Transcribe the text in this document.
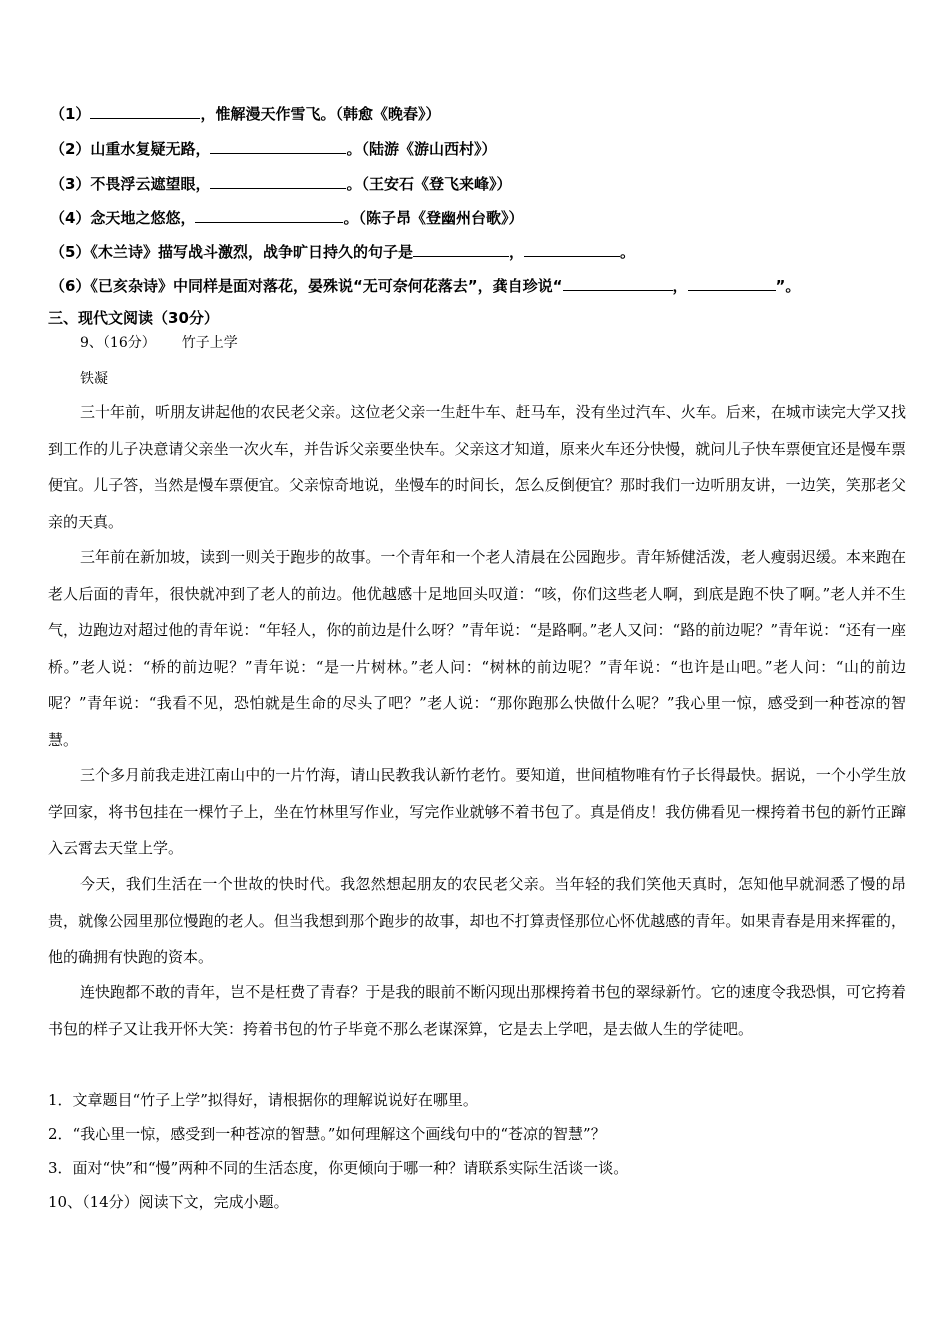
（1）	，惟解漫天作雪飞。（韩愈《晚春》）
（2）山重水复疑无路，	。（陆游《游山西村》）
（3）不畏浮云遮望眼，	。（王安石《登飞来峰》）
（4）念天地之悠悠，	。（陈子昂《登幽州台歌》）
（5）《木兰诗》描写战斗激烈，战争旷日持久的句子是	，	。
（6）《已亥杂诗》中同样是面对落花，晏殊说“无可奈何花落去”，龚自珍说“	，	”。
三、现代文阅读（30分）
9、（16分） 竹子上学
铁凝

三十年前，听朋友讲起他的农民老父亲。这位老父亲一生赶牛车、赶马车，没有坐过汽车、火车。后来，在城市读完大学又找到工作的儿子决意请父亲坐一次火车，并告诉父亲要坐快车。父亲这才知道，原来火车还分快慢，就问儿子快车票便宜还是慢车票便宜。儿子答，当然是慢车票便宜。父亲惊奇地说，坐慢车的时间长，怎么反倒便宜？那时我们一边听朋友讲，一边笑，笑那老父亲的天真。

三年前在新加坡，读到一则关于跑步的故事。一个青年和一个老人清晨在公园跑步。青年矫健活泼，老人瘦弱迟缓。本来跑在老人后面的青年，很快就冲到了老人的前边。他优越感十足地回头叹道：“咳，你们这些老人啊，到底是跑不快了啊。”老人并不生气，边跑边对超过他的青年说：“年轻人，你的前边是什么呀？”青年说：“是路啊。”老人又问：“路的前边呢？”青年说：“还有一座桥。”老人说：“桥的前边呢？”青年说：“是一片树林。”老人问：“树林的前边呢？”青年说：“也许是山吧。”老人问：“山的前边呢？”青年说：“我看不见，恐怕就是生命的尽头了吧？”老人说：“那你跑那么快做什么呢？”我心里一惊，感受到一种苍凉的智慧。

三个多月前我走进江南山中的一片竹海，请山民教我认新竹老竹。要知道，世间植物唯有竹子长得最快。据说，一个小学生放学回家，将书包挂在一棵竹子上，坐在竹林里写作业，写完作业就够不着书包了。真是俏皮！我仿佛看见一棵挎着书包的新竹正蹿入云霄去天堂上学。

今天，我们生活在一个世故的快时代。我忽然想起朋友的农民老父亲。当年轻的我们笑他天真时，怎知他早就洞悉了慢的昂贵，就像公园里那位慢跑的老人。但当我想到那个跑步的故事，却也不打算责怪那位心怀优越感的青年。如果青春是用来挥霍的，他的确拥有快跑的资本。

连快跑都不敢的青年，岂不是枉费了青春？于是我的眼前不断闪现出那棵挎着书包的翠绿新竹。它的速度令我恐惧，可它挎着书包的样子又让我开怀大笑：挎着书包的竹子毕竟不那么老谋深算，它是去上学吧，是去做人生的学徒吧。

1．文章题目“竹子上学”拟得好，请根据你的理解说说好在哪里。
2．“我心里一惊，感受到一种苍凉的智慧。”如何理解这个画线句中的“苍凉的智慧”？
3．面对“快”和“慢”两种不同的生活态度，你更倾向于哪一种？请联系实际生活谈一谈。
10、（14分）阅读下文，完成小题。
